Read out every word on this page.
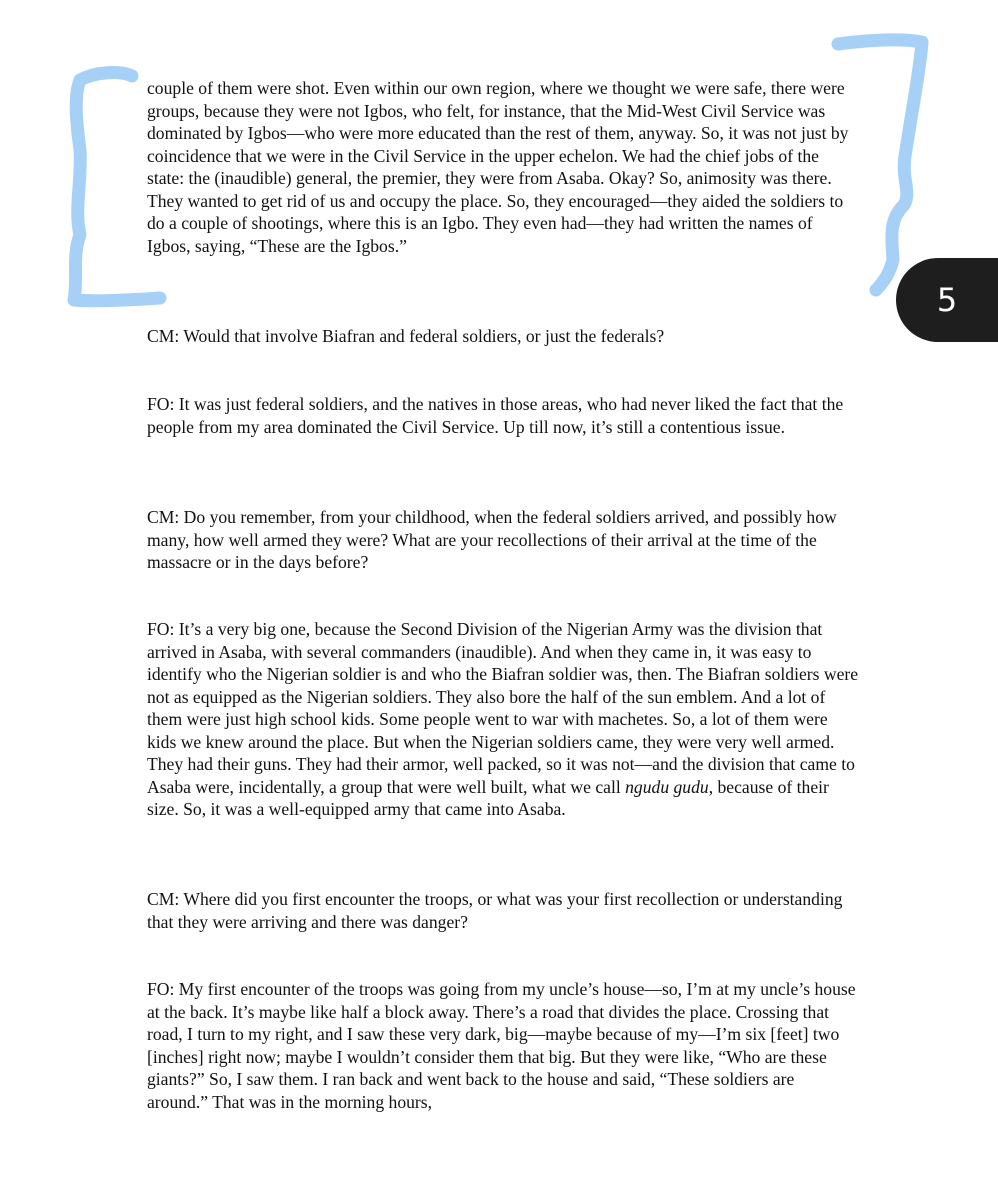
couple of them were shot. Even within our own region, where we thought we were safe, there were groups, because they were not Igbos, who felt, for instance, that the Mid-West Civil Service was dominated by Igbos—who were more educated than the rest of them, anyway. So, it was not just by coincidence that we were in the Civil Service in the upper echelon. We had the chief jobs of the state: the (inaudible) general, the premier, they were from Asaba. Okay? So, animosity was there. They wanted to get rid of us and occupy the place. So, they encouraged—they aided the soldiers to do a couple of shootings, where this is an Igbo. They even had—they had written the names of Igbos, saying, “These are the Igbos.”

CM: Would that involve Biafran and federal soldiers, or just the federals?

FO: It was just federal soldiers, and the natives in those areas, who had never liked the fact that the people from my area dominated the Civil Service. Up till now, it’s still a contentious issue.

CM: Do you remember, from your childhood, when the federal soldiers arrived, and possibly how many, how well armed they were? What are your recollections of their arrival at the time of the massacre or in the days before?

FO: It’s a very big one, because the Second Division of the Nigerian Army was the division that arrived in Asaba, with several commanders (inaudible). And when they came in, it was easy to identify who the Nigerian soldier is and who the Biafran soldier was, then. The Biafran soldiers were not as equipped as the Nigerian soldiers. They also bore the half of the sun emblem. And a lot of them were just high school kids. Some people went to war with machetes. So, a lot of them were kids we knew around the place. But when the Nigerian soldiers came, they were very well armed. They had their guns. They had their armor, well packed, so it was not—and the division that came to Asaba were, incidentally, a group that were well built, what we call ngudu gudu, because of their size. So, it was a well-equipped army that came into Asaba.

CM: Where did you first encounter the troops, or what was your first recollection or understanding that they were arriving and there was danger?

FO: My first encounter of the troops was going from my uncle’s house—so, I’m at my uncle’s house at the back. It’s maybe like half a block away. There’s a road that divides the place. Crossing that road, I turn to my right, and I saw these very dark, big—maybe because of my—I’m six [feet] two [inches] right now; maybe I wouldn’t consider them that big. But they were like, “Who are these giants?” So, I saw them. I ran back and went back to the house and said, “These soldiers are around.” That was in the morning hours,

5
